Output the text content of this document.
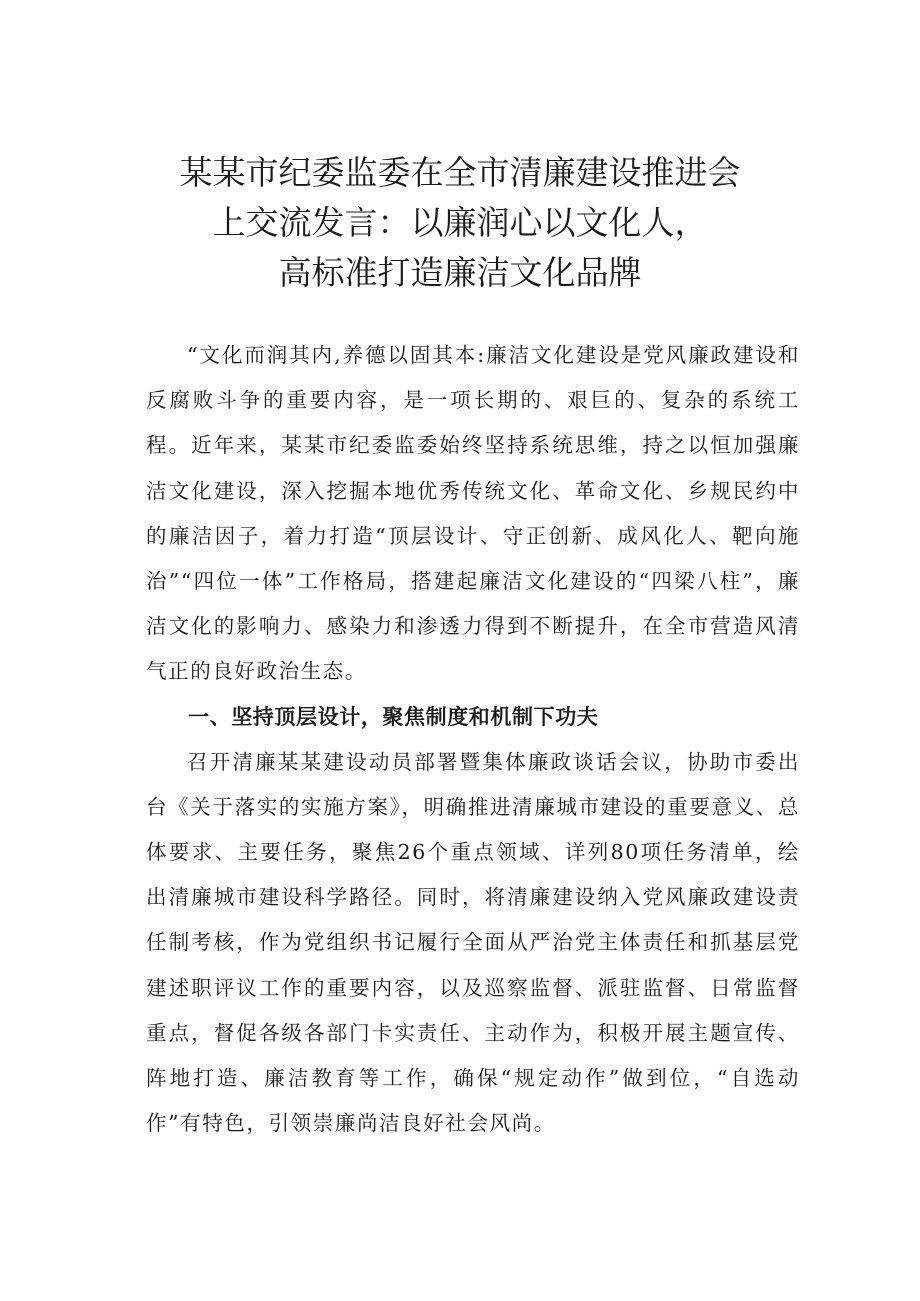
某某市纪委监委在全市清廉建设推进会
上交流发言：以廉润心以文化人，
高标准打造廉洁文化品牌

“文化而润其内,养德以固其本:廉洁文化建设是党风廉政建设和反腐败斗争的重要内容，是一项长期的、艰巨的、复杂的系统工程。近年来，某某市纪委监委始终坚持系统思维，持之以恒加强廉洁文化建设，深入挖掘本地优秀传统文化、革命文化、乡规民约中的廉洁因子，着力打造“顶层设计、守正创新、成风化人、靶向施治”“四位一体”工作格局，搭建起廉洁文化建设的“四梁八柱”，廉洁文化的影响力、感染力和渗透力得到不断提升，在全市营造风清气正的良好政治生态。

一、坚持顶层设计，聚焦制度和机制下功夫

召开清廉某某建设动员部署暨集体廉政谈话会议，协助市委出台《关于落实的实施方案》，明确推进清廉城市建设的重要意义、总体要求、主要任务，聚焦26个重点领域、详列80项任务清单，绘出清廉城市建设科学路径。同时，将清廉建设纳入党风廉政建设责任制考核，作为党组织书记履行全面从严治党主体责任和抓基层党建述职评议工作的重要内容，以及巡察监督、派驻监督、日常监督重点，督促各级各部门卡实责任、主动作为，积极开展主题宣传、阵地打造、廉洁教育等工作，确保“规定动作”做到位，“自选动作”有特色，引领崇廉尚洁良好社会风尚。
